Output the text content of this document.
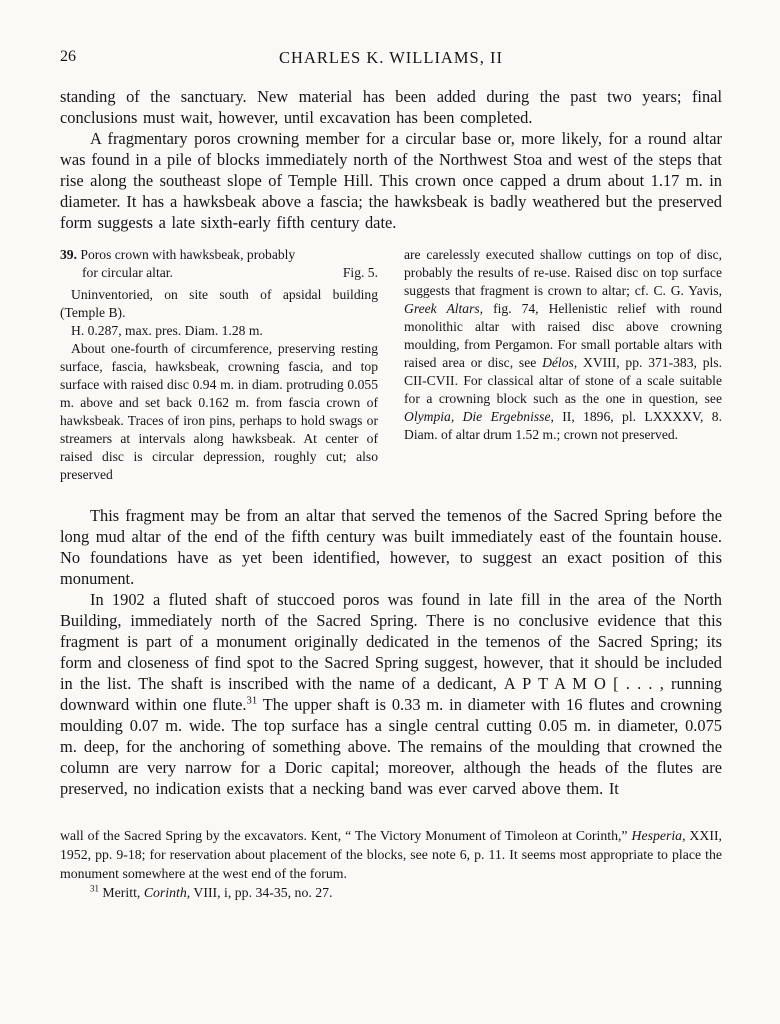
26	CHARLES K. WILLIAMS, II

standing of the sanctuary. New material has been added during the past two years; final conclusions must wait, however, until excavation has been completed.

A fragmentary poros crowning member for a circular base or, more likely, for a round altar was found in a pile of blocks immediately north of the Northwest Stoa and west of the steps that rise along the southeast slope of Temple Hill. This crown once capped a drum about 1.17 m. in diameter. It has a hawksbeak above a fascia; the hawksbeak is badly weathered but the preserved form suggests a late sixth-early fifth century date.

39. Poros crown with hawksbeak, probably
for circular altar.	Fig. 5.

Uninventoried, on site south of apsidal building (Temple B).

H. 0.287, max. pres. Diam. 1.28 m.

About one-fourth of circumference, preserving resting surface, fascia, hawksbeak, crowning fascia, and top surface with raised disc 0.94 m. in diam. protruding 0.055 m. above and set back 0.162 m. from fascia crown of hawksbeak. Traces of iron pins, perhaps to hold swags or streamers at intervals along hawksbeak. At center of raised disc is circular depression, roughly cut; also preserved

are carelessly executed shallow cuttings on top of disc, probably the results of re-use. Raised disc on top surface suggests that fragment is crown to altar; cf. C. G. Yavis, Greek Altars, fig. 74, Hellenistic relief with round monolithic altar with raised disc above crowning moulding, from Pergamon. For small portable altars with raised area or disc, see Délos, XVIII, pp. 371-383, pls. CII-CVII. For classical altar of stone of a scale suitable for a crowning block such as the one in question, see Olympia, Die Ergebnisse, II, 1896, pl. LXXXXV, 8. Diam. of altar drum 1.52 m.; crown not preserved.

This fragment may be from an altar that served the temenos of the Sacred Spring before the long mud altar of the end of the fifth century was built immediately east of the fountain house. No foundations have as yet been identified, however, to suggest an exact position of this monument.

In 1902 a fluted shaft of stuccoed poros was found in late fill in the area of the North Building, immediately north of the Sacred Spring. There is no conclusive evidence that this fragment is part of a monument originally dedicated in the temenos of the Sacred Spring; its form and closeness of find spot to the Sacred Spring suggest, however, that it should be included in the list. The shaft is inscribed with the name of a dedicant, Α Ρ Τ Α Μ Ο [ . . . , running downward within one flute.$^{31}$ The upper shaft is 0.33 m. in diameter with 16 flutes and crowning moulding 0.07 m. wide. The top surface has a single central cutting 0.05 m. in diameter, 0.075 m. deep, for the anchoring of something above. The remains of the moulding that crowned the column are very narrow for a Doric capital; moreover, although the heads of the flutes are preserved, no indication exists that a necking band was ever carved above them. It

wall of the Sacred Spring by the excavators. Kent, “ The Victory Monument of Timoleon at Corinth,” Hesperia, XXII, 1952, pp. 9-18; for reservation about placement of the blocks, see note 6, p. 11. It seems most appropriate to place the monument somewhere at the west end of the forum.

$^{31}$ Meritt, Corinth, VIII, i, pp. 34-35, no. 27.
